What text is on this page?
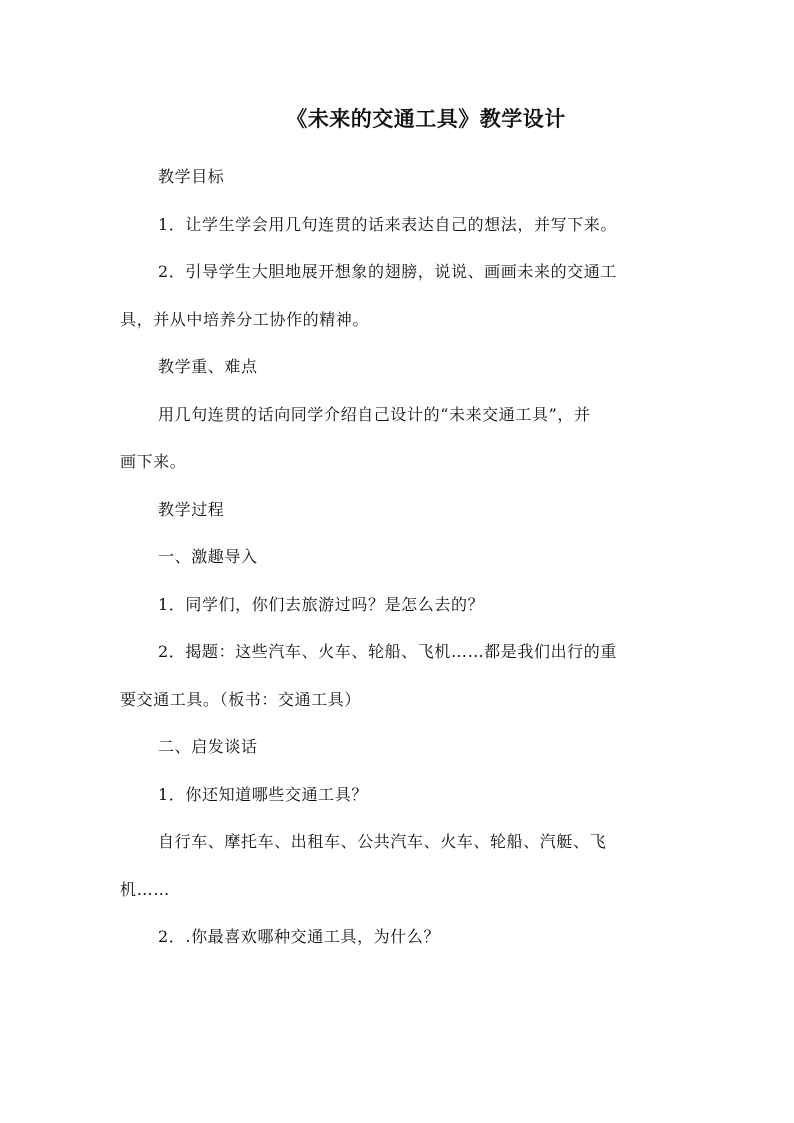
《未来的交通工具》教学设计
教学目标
1．让学生学会用几句连贯的话来表达自己的想法，并写下来。
2．引导学生大胆地展开想象的翅膀，说说、画画未来的交通工
具，并从中培养分工协作的精神。
教学重、难点
用几句连贯的话向同学介绍自己设计的“未来交通工具”，并
画下来。
教学过程
一、激趣导入
1．同学们，你们去旅游过吗？是怎么去的？
2．揭题：这些汽车、火车、轮船、飞机……都是我们出行的重
要交通工具。（板书：交通工具）
二、启发谈话
1．你还知道哪些交通工具？
自行车、摩托车、出租车、公共汽车、火车、轮船、汽艇、飞
机……
2．.你最喜欢哪种交通工具，为什么？
